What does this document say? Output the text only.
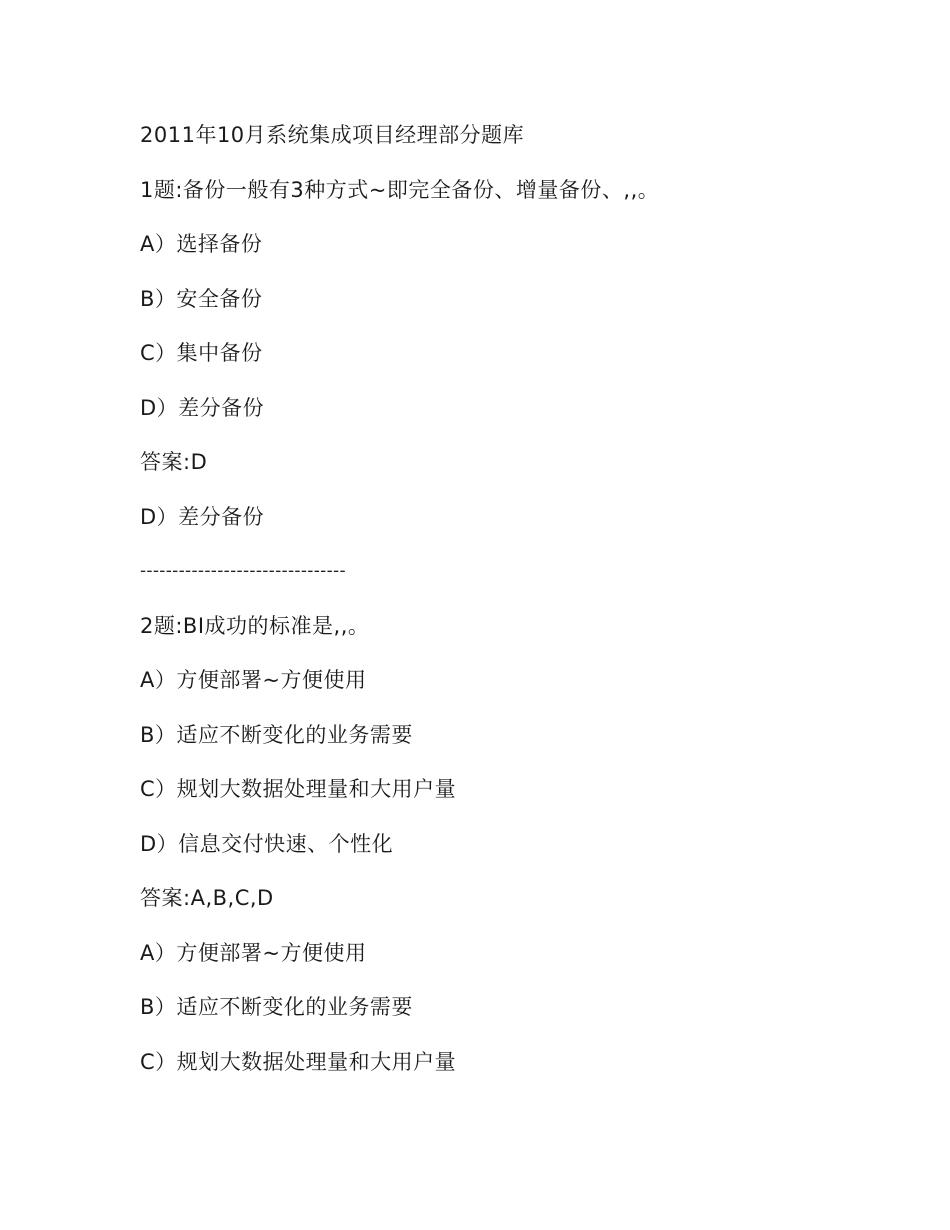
2011年10月系统集成项目经理部分题库
1题:备份一般有3种方式~即完全备份、增量备份、,,。
A）选择备份
B）安全备份
C）集中备份
D）差分备份
答案:D
D）差分备份
--------------------------------
2题:BI成功的标准是,,。
A）方便部署~方便使用
B）适应不断变化的业务需要
C）规划大数据处理量和大用户量
D）信息交付快速、个性化
答案:A,B,C,D
A）方便部署~方便使用
B）适应不断变化的业务需要
C）规划大数据处理量和大用户量
